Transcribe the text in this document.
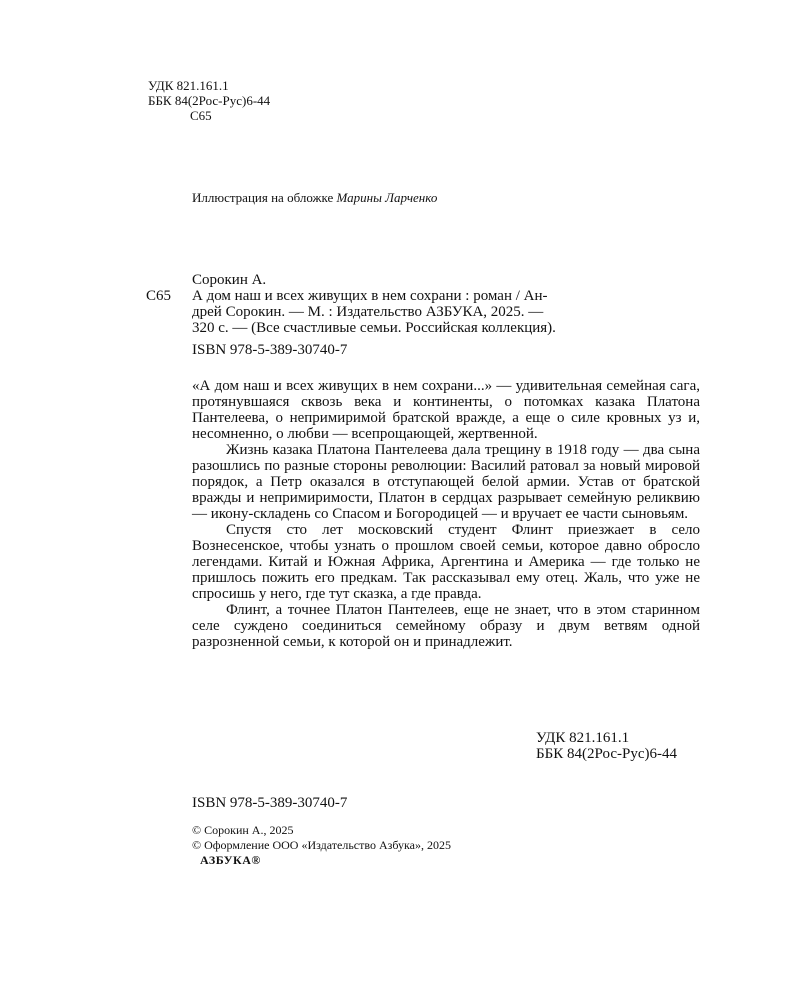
УДК 821.161.1
ББК 84(2Рос-Рус)6-44
С65
Иллюстрация на обложке Марины Ларченко
Сорокин А.
С65	А дом наш и всех живущих в нем сохрани : роман / Ан-
дрей Сорокин. — М. : Издательство АЗБУКА, 2025. —
320 с. — (Все счастливые семьи. Российская коллекция).
ISBN 978-5-389-30740-7

«А дом наш и всех живущих в нем сохрани...» — удивительная семейная сага, протянувшаяся сквозь века и континенты, о потомках казака Платона Пантелеева, о непримиримой братской вражде, а еще о силе кровных уз и, несомненно, о любви — всепрощающей, жертвенной.

Жизнь казака Платона Пантелеева дала трещину в 1918 году — два сына разошлись по разные стороны революции: Василий ратовал за новый мировой порядок, а Петр оказался в отступающей белой армии. Устав от братской вражды и непримиримости, Платон в сердцах разрывает семейную реликвию — икону-складень со Спасом и Богородицей — и вручает ее части сыновьям.

Спустя сто лет московский студент Флинт приезжает в село Вознесенское, чтобы узнать о прошлом своей семьи, которое давно обросло легендами. Китай и Южная Африка, Аргентина и Америка — где только не пришлось пожить его предкам. Так рассказывал ему отец. Жаль, что уже не спросишь у него, где тут сказка, а где правда.

Флинт, а точнее Платон Пантелеев, еще не знает, что в этом старинном селе суждено соединиться семейному образу и двум ветвям одной разрозненной семьи, к которой он и принадлежит.

УДК 821.161.1
ББК 84(2Рос-Рус)6-44
ISBN 978-5-389-30740-7
© Сорокин А., 2025
© Оформление ООО «Издательство Азбука», 2025
АЗБУКА®
